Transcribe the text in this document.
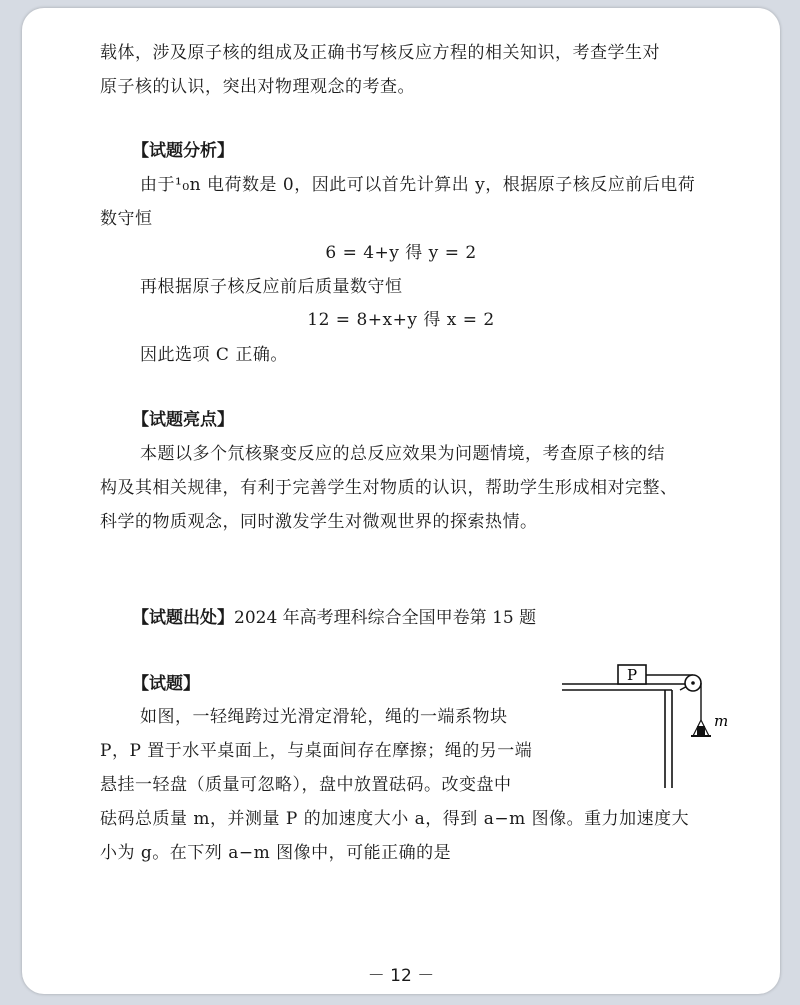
载体，涉及原子核的组成及正确书写核反应方程的相关知识，考查学生对
原子核的认识，突出对物理观念的考查。
【试题分析】
由于¹₀n 电荷数是 0，因此可以首先计算出 y，根据原子核反应前后电荷
数守恒
6 = 4+y 得 y = 2
再根据原子核反应前后质量数守恒
12 = 8+x+y 得 x = 2
因此选项 C 正确。
【试题亮点】
本题以多个氘核聚变反应的总反应效果为问题情境，考查原子核的结
构及其相关规律，有利于完善学生对物质的认识，帮助学生形成相对完整、
科学的物质观念，同时激发学生对微观世界的探索热情。
【试题出处】2024 年高考理科综合全国甲卷第 15 题
【试题】
如图，一轻绳跨过光滑定滑轮，绳的一端系物块
P，P 置于水平桌面上，与桌面间存在摩擦；绳的另一端
悬挂一轻盘（质量可忽略），盘中放置砝码。改变盘中
砝码总质量 m，并测量 P 的加速度大小 a，得到 a−m 图像。重力加速度大
小为 g。在下列 a−m 图像中，可能正确的是
P
m
－ 12 －
